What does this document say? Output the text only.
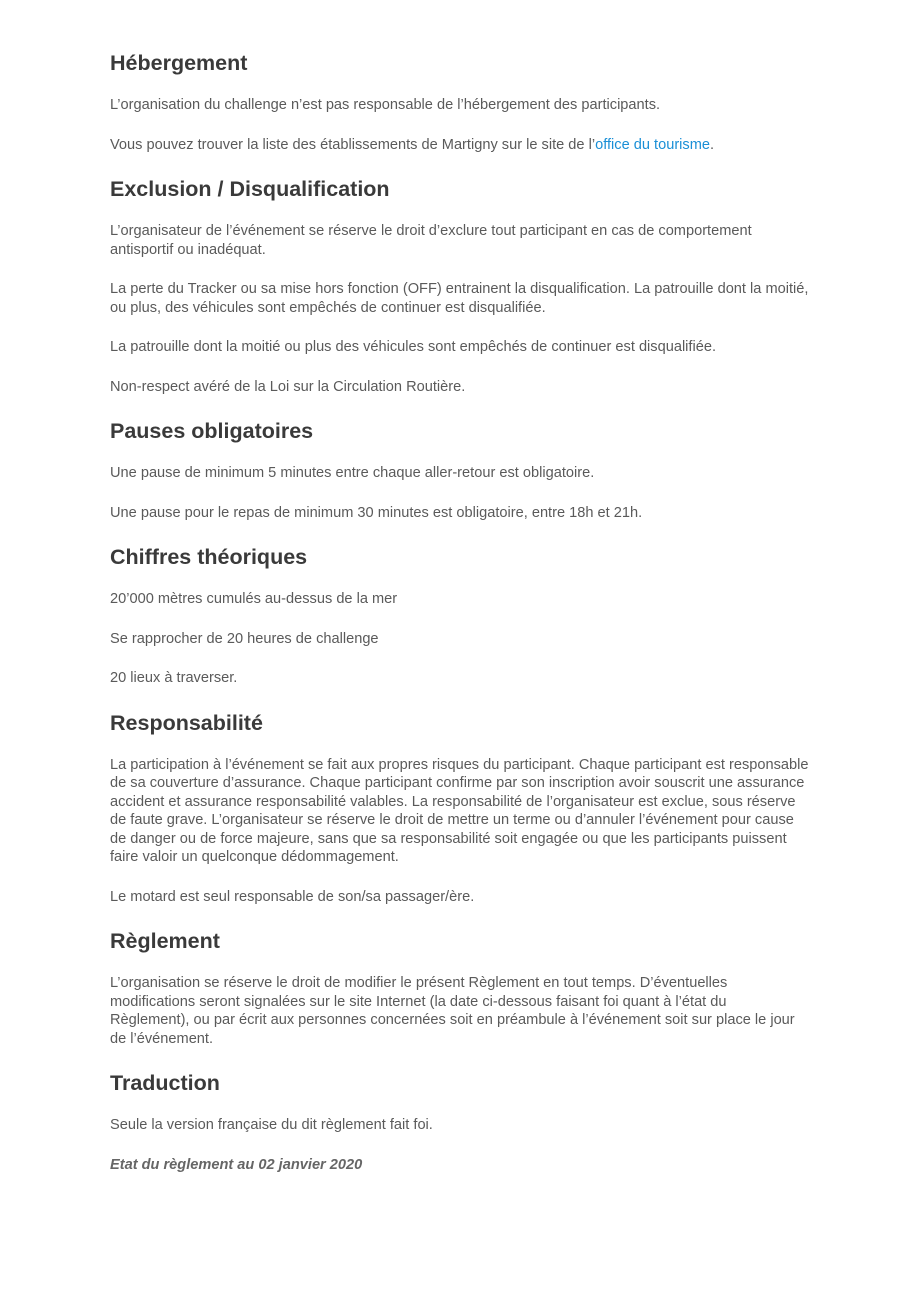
Hébergement

L’organisation du challenge n’est pas responsable de l’hébergement des participants.

Vous pouvez trouver la liste des établissements de Martigny sur le site de l’office du tourisme.

Exclusion / Disqualification

L’organisateur de l’événement se réserve le droit d’exclure tout participant en cas de comportement antisportif ou inadéquat.

La perte du Tracker ou sa mise hors fonction (OFF) entrainent la disqualification. La patrouille dont la moitié, ou plus, des véhicules sont empêchés de continuer est disqualifiée.

La patrouille dont la moitié ou plus des véhicules sont empêchés de continuer est disqualifiée.

Non-respect avéré de la Loi sur la Circulation Routière.

Pauses obligatoires

Une pause de minimum 5 minutes entre chaque aller-retour est obligatoire.

Une pause pour le repas de minimum 30 minutes est obligatoire, entre 18h et 21h.

Chiffres théoriques

20’000 mètres cumulés au-dessus de la mer

Se rapprocher de 20 heures de challenge

20 lieux à traverser.

Responsabilité

La participation à l’événement se fait aux propres risques du participant. Chaque participant est responsable de sa couverture d’assurance. Chaque participant confirme par son inscription avoir souscrit une assurance accident et assurance responsabilité valables. La responsabilité de l’organisateur est exclue, sous réserve de faute grave. L’organisateur se réserve le droit de mettre un terme ou d’annuler l’événement pour cause de danger ou de force majeure, sans que sa responsabilité soit engagée ou que les participants puissent faire valoir un quelconque dédommagement.

Le motard est seul responsable de son/sa passager/ère.

Règlement

L’organisation se réserve le droit de modifier le présent Règlement en tout temps. D’éventuelles modifications seront signalées sur le site Internet (la date ci-dessous faisant foi quant à l’état du Règlement), ou par écrit aux personnes concernées soit en préambule à l’événement soit sur place le jour de l’événement.

Traduction

Seule la version française du dit règlement fait foi.

Etat du règlement au 02 janvier 2020
